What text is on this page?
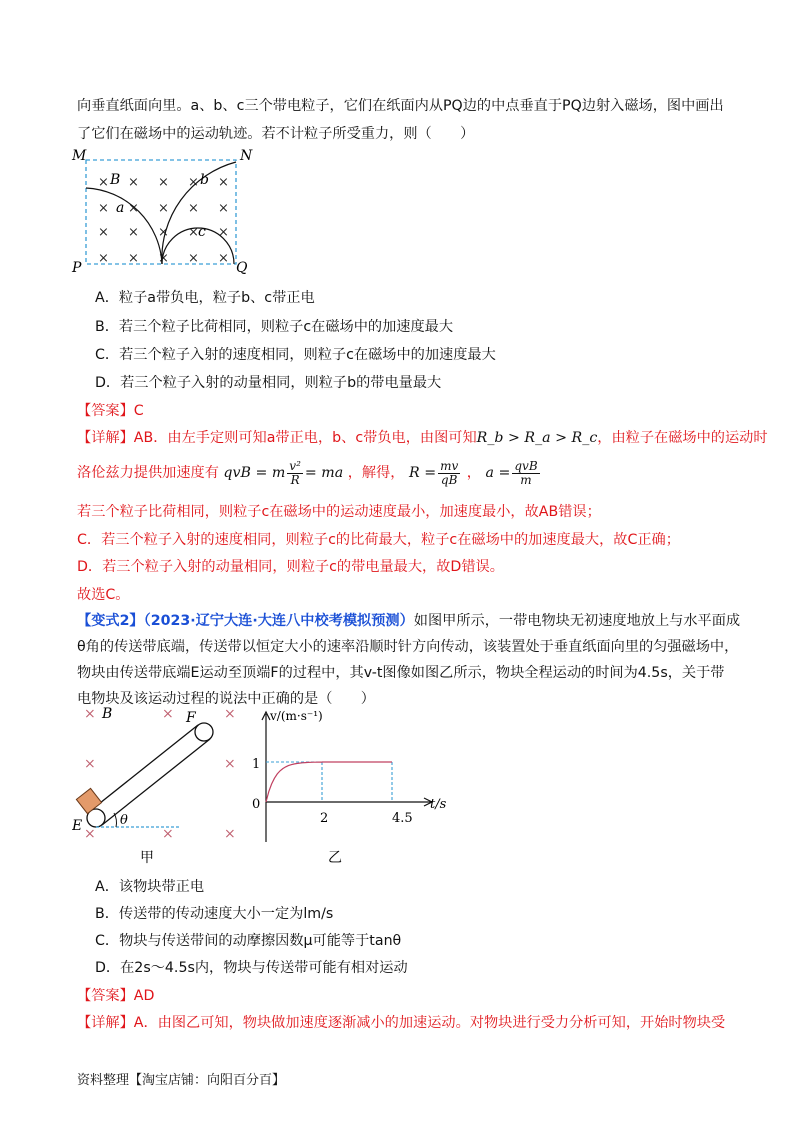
向垂直纸面向里。a、b、c三个带电粒子，它们在纸面内从PQ边的中点垂直于PQ边射入磁场，图中画出
了它们在磁场中的运动轨迹。若不计粒子所受重力，则（　　）
M	N
P	Q
× × × × ×
× × × × ×
× × × × ×
× × × × ×
B
a
b
c
A．粒子a带负电，粒子b、c带正电
B．若三个粒子比荷相同，则粒子c在磁场中的加速度最大
C．若三个粒子入射的速度相同，则粒子c在磁场中的加速度最大
D．若三个粒子入射的动量相同，则粒子b的带电量最大
【答案】C
【详解】AB．由左手定则可知a带正电，b、c带负电，由图可知R_b > R_a > R_c，由粒子在磁场中的运动时
洛伦兹力提供加速度有 qvB = m $\frac{\text{v²}}{R}$ = ma ，解得， $R = \frac{mv}{qB}$ ， $a = \frac{\text{qvB}}{m}$
若三个粒子比荷相同，则粒子c在磁场中的运动速度最小，加速度最小，故AB错误；
C．若三个粒子入射的速度相同，则粒子c的比荷最大，粒子c在磁场中的加速度最大，故C正确；
D．若三个粒子入射的动量相同，则粒子c的带电量最大，故D错误。
故选C。
【变式2】（2023·辽宁大连·大连八中校考模拟预测）如图甲所示，一带电物块无初速度地放上与水平面成
θ角的传送带底端，传送带以恒定大小的速率沿顺时针方向传动，该装置处于垂直纸面向里的匀强磁场中，
物块由传送带底端E运动至顶端F的过程中，其v-t图像如图乙所示，物块全程运动的时间为4.5s，关于带
电物块及该运动过程的说法中正确的是（　　）
× B	×	×
×	×
×	×	×
θ
E
F
甲
v/(m·s⁻¹)
t/s
1
0
2	4.5
乙
A．该物块带正电
B．传送带的传动速度大小一定为lm/s
C．物块与传送带间的动摩擦因数μ可能等于tanθ
D．在2s～4.5s内，物块与传送带可能有相对运动
【答案】AD
【详解】A．由图乙可知，物块做加速度逐渐减小的加速运动。对物块进行受力分析可知，开始时物块受
资料整理【淘宝店铺：向阳百分百】
